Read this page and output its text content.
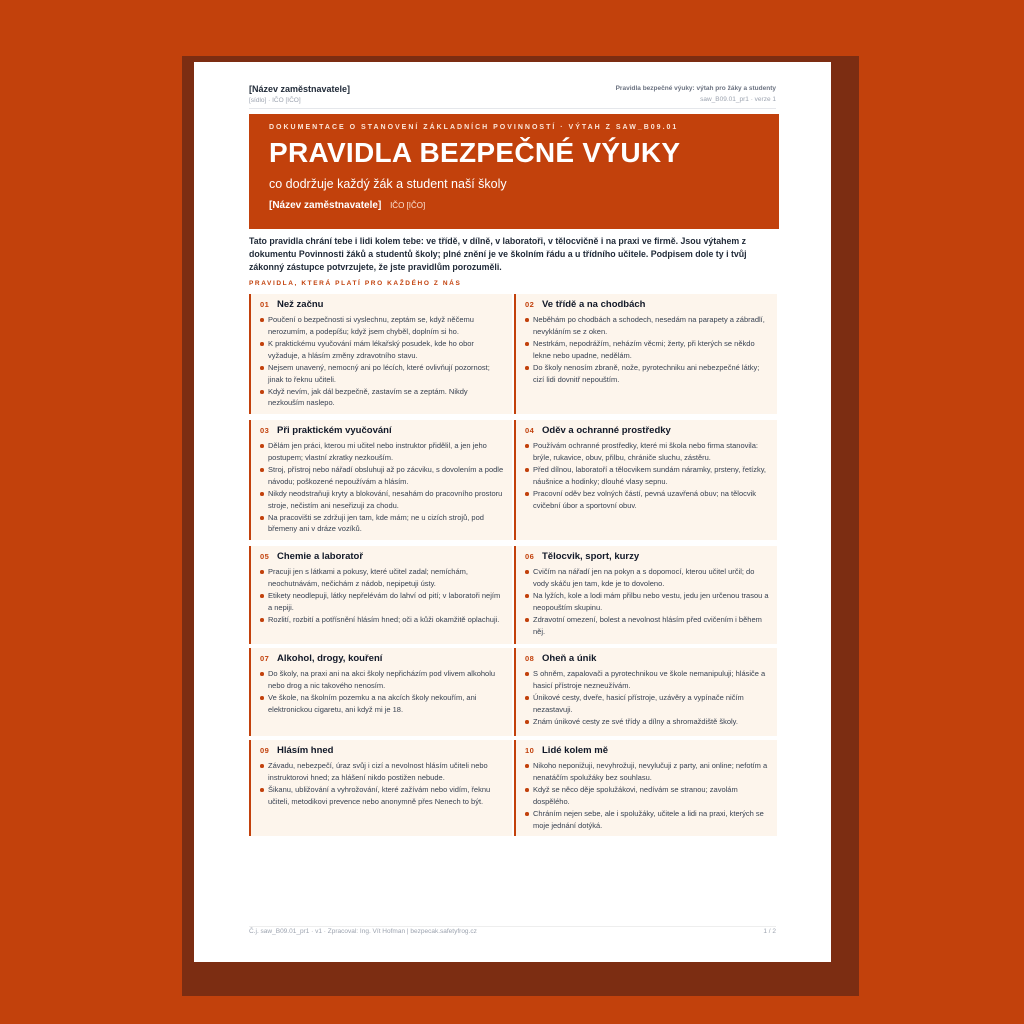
[Název zaměstnavatele]
[sídlo] · IČO [IČO]
Pravidla bezpečné výuky: výtah pro žáky a studenty
saw_B09.01_pr1 · verze 1
DOKUMENTACE O STANOVENÍ ZÁKLADNÍCH POVINNOSTÍ · VÝTAH Z SAW_B09.01
PRAVIDLA BEZPEČNÉ VÝUKY
co dodržuje každý žák a student naší školy
[Název zaměstnavatele] IČO [IČO]
Tato pravidla chrání tebe i lidi kolem tebe: ve třídě, v dílně, v laboratoři, v tělocvičně i na praxi ve firmě. Jsou výtahem z dokumentu Povinnosti žáků a studentů školy; plné znění je ve školním řádu a u třídního učitele. Podpisem dole ty i tvůj zákonný zástupce potvrzujete, že jste pravidlům porozuměli.
PRAVIDLA, KTERÁ PLATÍ PRO KAŽDÉHO Z NÁS
01 Než začnu
Poučení o bezpečnosti si vyslechnu, zeptám se, když něčemu nerozumím, a podepíšu; když jsem chyběl, doplním si ho.
K praktickému vyučování mám lékařský posudek, kde ho obor vyžaduje, a hlásím změny zdravotního stavu.
Nejsem unavený, nemocný ani po lécích, které ovlivňují pozornost; jinak to řeknu učiteli.
Když nevím, jak dál bezpečně, zastavím se a zeptám. Nikdy nezkouším naslepo.
02 Ve třídě a na chodbách
Neběhám po chodbách a schodech, nesedám na parapety a zábradlí, nevykláním se z oken.
Nestrkám, nepodrážím, neházím věcmi; žerty, při kterých se někdo lekne nebo upadne, nedělám.
Do školy nenosím zbraně, nože, pyrotechniku ani nebezpečné látky; cizí lidi dovnitř nepouštím.
03 Při praktickém vyučování
Dělám jen práci, kterou mi učitel nebo instruktor přidělil, a jen jeho postupem; vlastní zkratky nezkouším.
Stroj, přístroj nebo nářadí obsluhuji až po zácviku, s dovolením a podle návodu; poškozené nepoužívám a hlásím.
Nikdy neodstraňuji kryty a blokování, nesahám do pracovního prostoru stroje, nečistím ani neseřizuji za chodu.
Na pracovišti se zdržuji jen tam, kde mám; ne u cizích strojů, pod břemeny ani v dráze vozíků.
04 Oděv a ochranné prostředky
Používám ochranné prostředky, které mi škola nebo firma stanovila: brýle, rukavice, obuv, přilbu, chrániče sluchu, zástěru.
Před dílnou, laboratoří a tělocvikem sundám náramky, prsteny, řetízky, náušnice a hodinky; dlouhé vlasy sepnu.
Pracovní oděv bez volných částí, pevná uzavřená obuv; na tělocvik cvičební úbor a sportovní obuv.
05 Chemie a laboratoř
Pracuji jen s látkami a pokusy, které učitel zadal; nemíchám, neochutnávám, nečichám z nádob, nepipetuji ústy.
Etikety neodlepuji, látky nepřelévám do lahví od pití; v laboratoři nejím a nepiji.
Rozlití, rozbití a potřísnění hlásím hned; oči a kůži okamžitě oplachuji.
06 Tělocvik, sport, kurzy
Cvičím na nářadí jen na pokyn a s dopomocí, kterou učitel určil; do vody skáču jen tam, kde je to dovoleno.
Na lyžích, kole a lodi mám přilbu nebo vestu, jedu jen určenou trasou a neopouštím skupinu.
Zdravotní omezení, bolest a nevolnost hlásím před cvičením i během něj.
07 Alkohol, drogy, kouření
Do školy, na praxi ani na akci školy nepřicházím pod vlivem alkoholu nebo drog a nic takového nenosím.
Ve škole, na školním pozemku a na akcích školy nekouřím, ani elektronickou cigaretu, ani když mi je 18.
08 Oheň a únik
S ohněm, zapalovači a pyrotechnikou ve škole nemanipuluji; hlásiče a hasicí přístroje nezneužívám.
Únikové cesty, dveře, hasicí přístroje, uzávěry a vypínače ničím nezastavuji.
Znám únikové cesty ze své třídy a dílny a shromaždiště školy.
09 Hlásím hned
Závadu, nebezpečí, úraz svůj i cizí a nevolnost hlásím učiteli nebo instruktorovi hned; za hlášení nikdo postižen nebude.
Šikanu, ubližování a vyhrožování, které zažívám nebo vidím, řeknu učiteli, metodikovi prevence nebo anonymně přes Nenech to být.
10 Lidé kolem mě
Nikoho neponižuji, nevyhrožuji, nevylučuji z party, ani online; nefotím a nenatáčím spolužáky bez souhlasu.
Když se něco děje spolužákovi, nedívám se stranou; zavolám dospělého.
Chráním nejen sebe, ale i spolužáky, učitele a lidi na praxi, kterých se moje jednání dotýká.
Č.j. saw_B09.01_pr1 · v1 · Zpracoval: Ing. Vít Hofman | bezpecak.safetyfrog.cz	1 / 2
